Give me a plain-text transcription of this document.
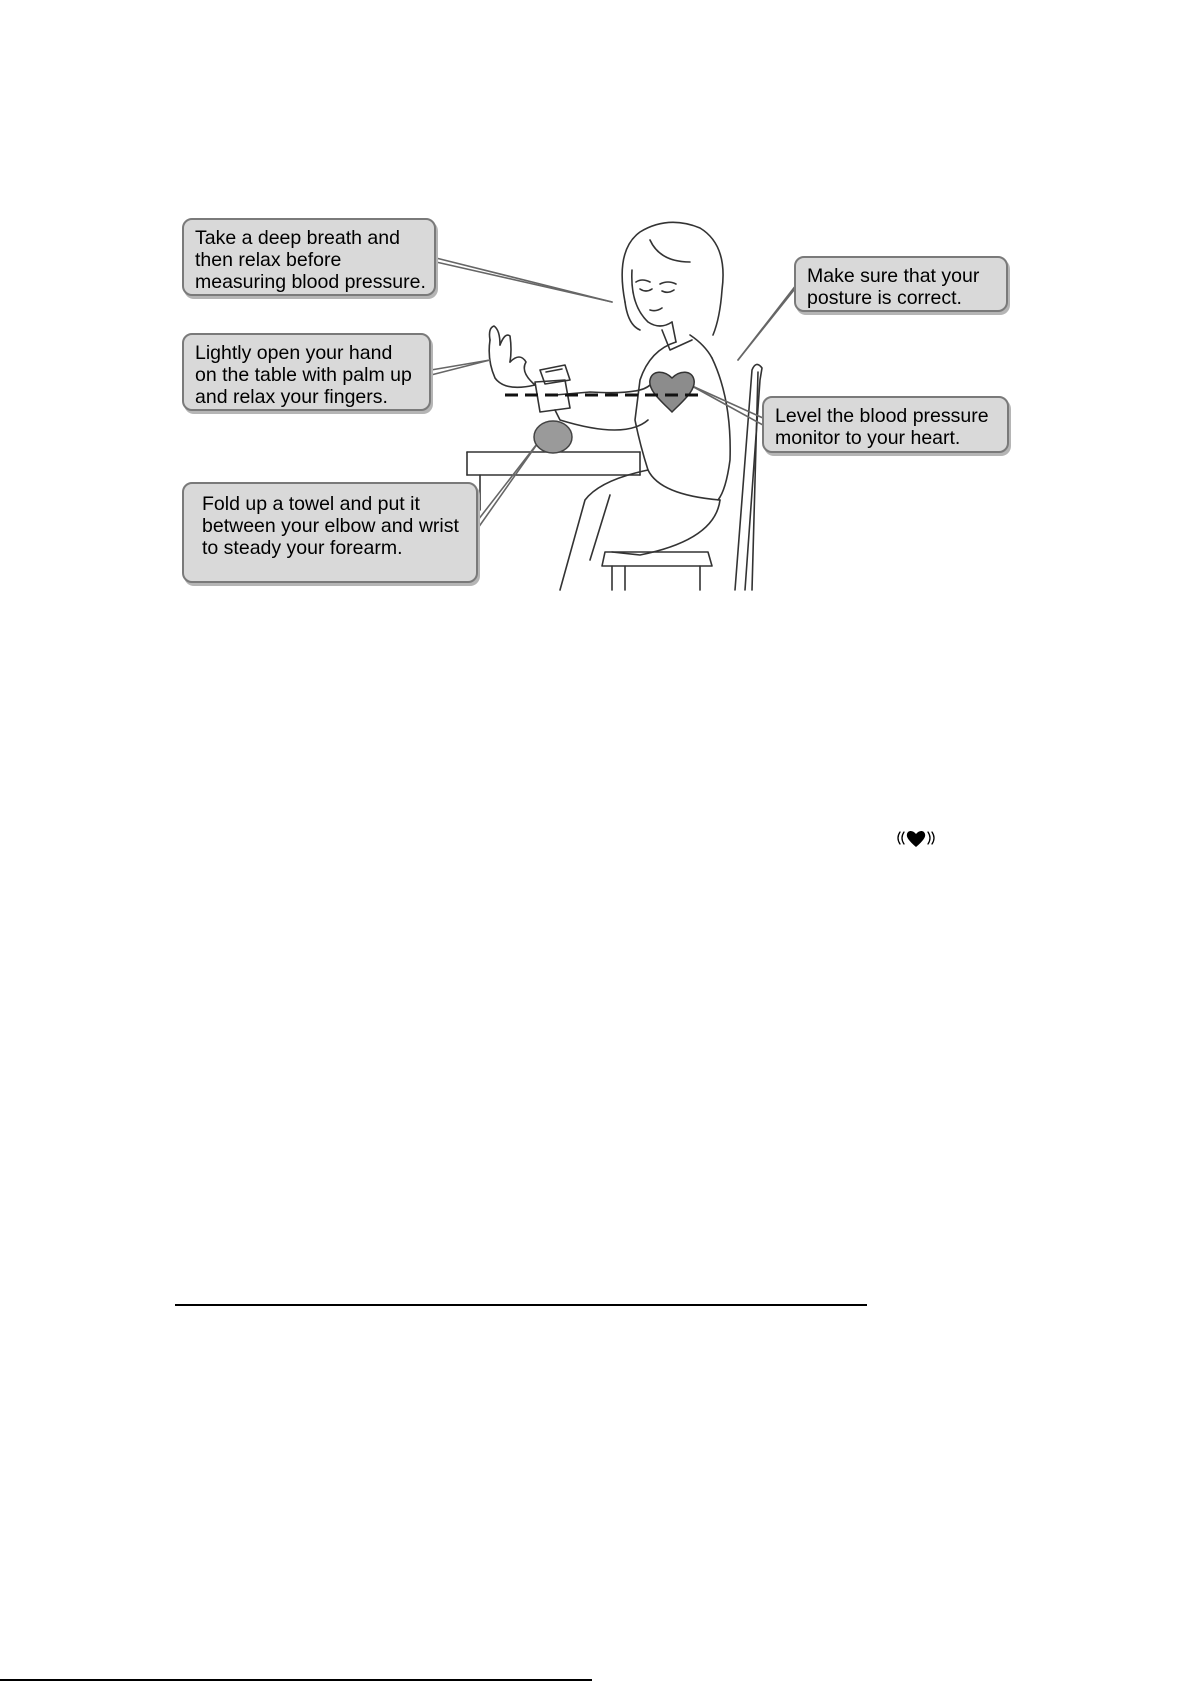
Take a deep breath and
then relax before
measuring blood pressure.	Make sure that your
posture is correct.
Lightly open your hand
on the table with palm up
and relax your fingers.
Level the blood pressure
monitor to your heart.
Fold up a towel and put it
between your elbow and wrist
to steady your forearm.
